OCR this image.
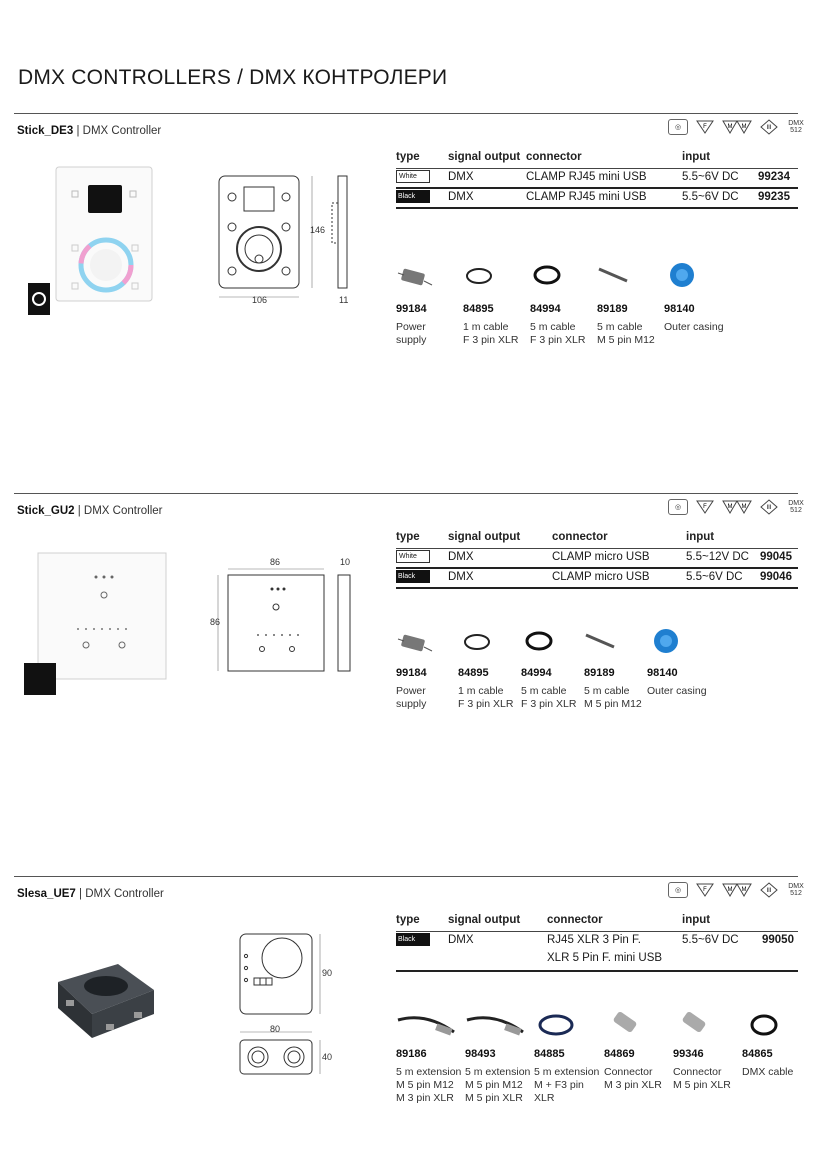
DMX CONTROLLERS / DMX КОНТРОЛЕРИ
Stick_DE3 | DMX Controller	◎	F	M M	III
DMX
512
106
146
11
type signal output connector	input
White	DMX	CLAMP RJ45 mini USB	5.5~6V DC 99234
Black	DMX	CLAMP RJ45 mini USB	5.5~6V DC 99235
99184
Power
supply
84895
1 m cable
F 3 pin XLR
84994
5 m cable
F 3 pin XLR
89189
5 m cable
M 5 pin M12
98140
Outer casing
Stick_GU2 | DMX Controller	◎	F	M M	III
DMX
512
86
86
10
type signal output	connector	input
White	DMX	CLAMP micro USB	5.5~12V DC 99045
Black	DMX	CLAMP micro USB	5.5~6V DC 99046
99184
Power
supply
84895
1 m cable
F 3 pin XLR
84994
5 m cable
F 3 pin XLR
89189
5 m cable
M 5 pin M12
98140
Outer casing
Slesa_UE7 | DMX Controller	◎	F	M M	III
DMX
512
90
80
40
type signal output connector	input
Black	DMX	RJ45 XLR 3 Pin F.
XLR 5 Pin F. mini USB
5.5~6V DC 99050
89186
5 m extension
M 5 pin M12
M 3 pin XLR
98493
5 m extension
M 5 pin M12
M 5 pin XLR
84885
5 m extension
M + F3 pin
XLR
84869
Connector
M 3 pin XLR
99346
Connector
M 5 pin XLR
84865
DMX cable
